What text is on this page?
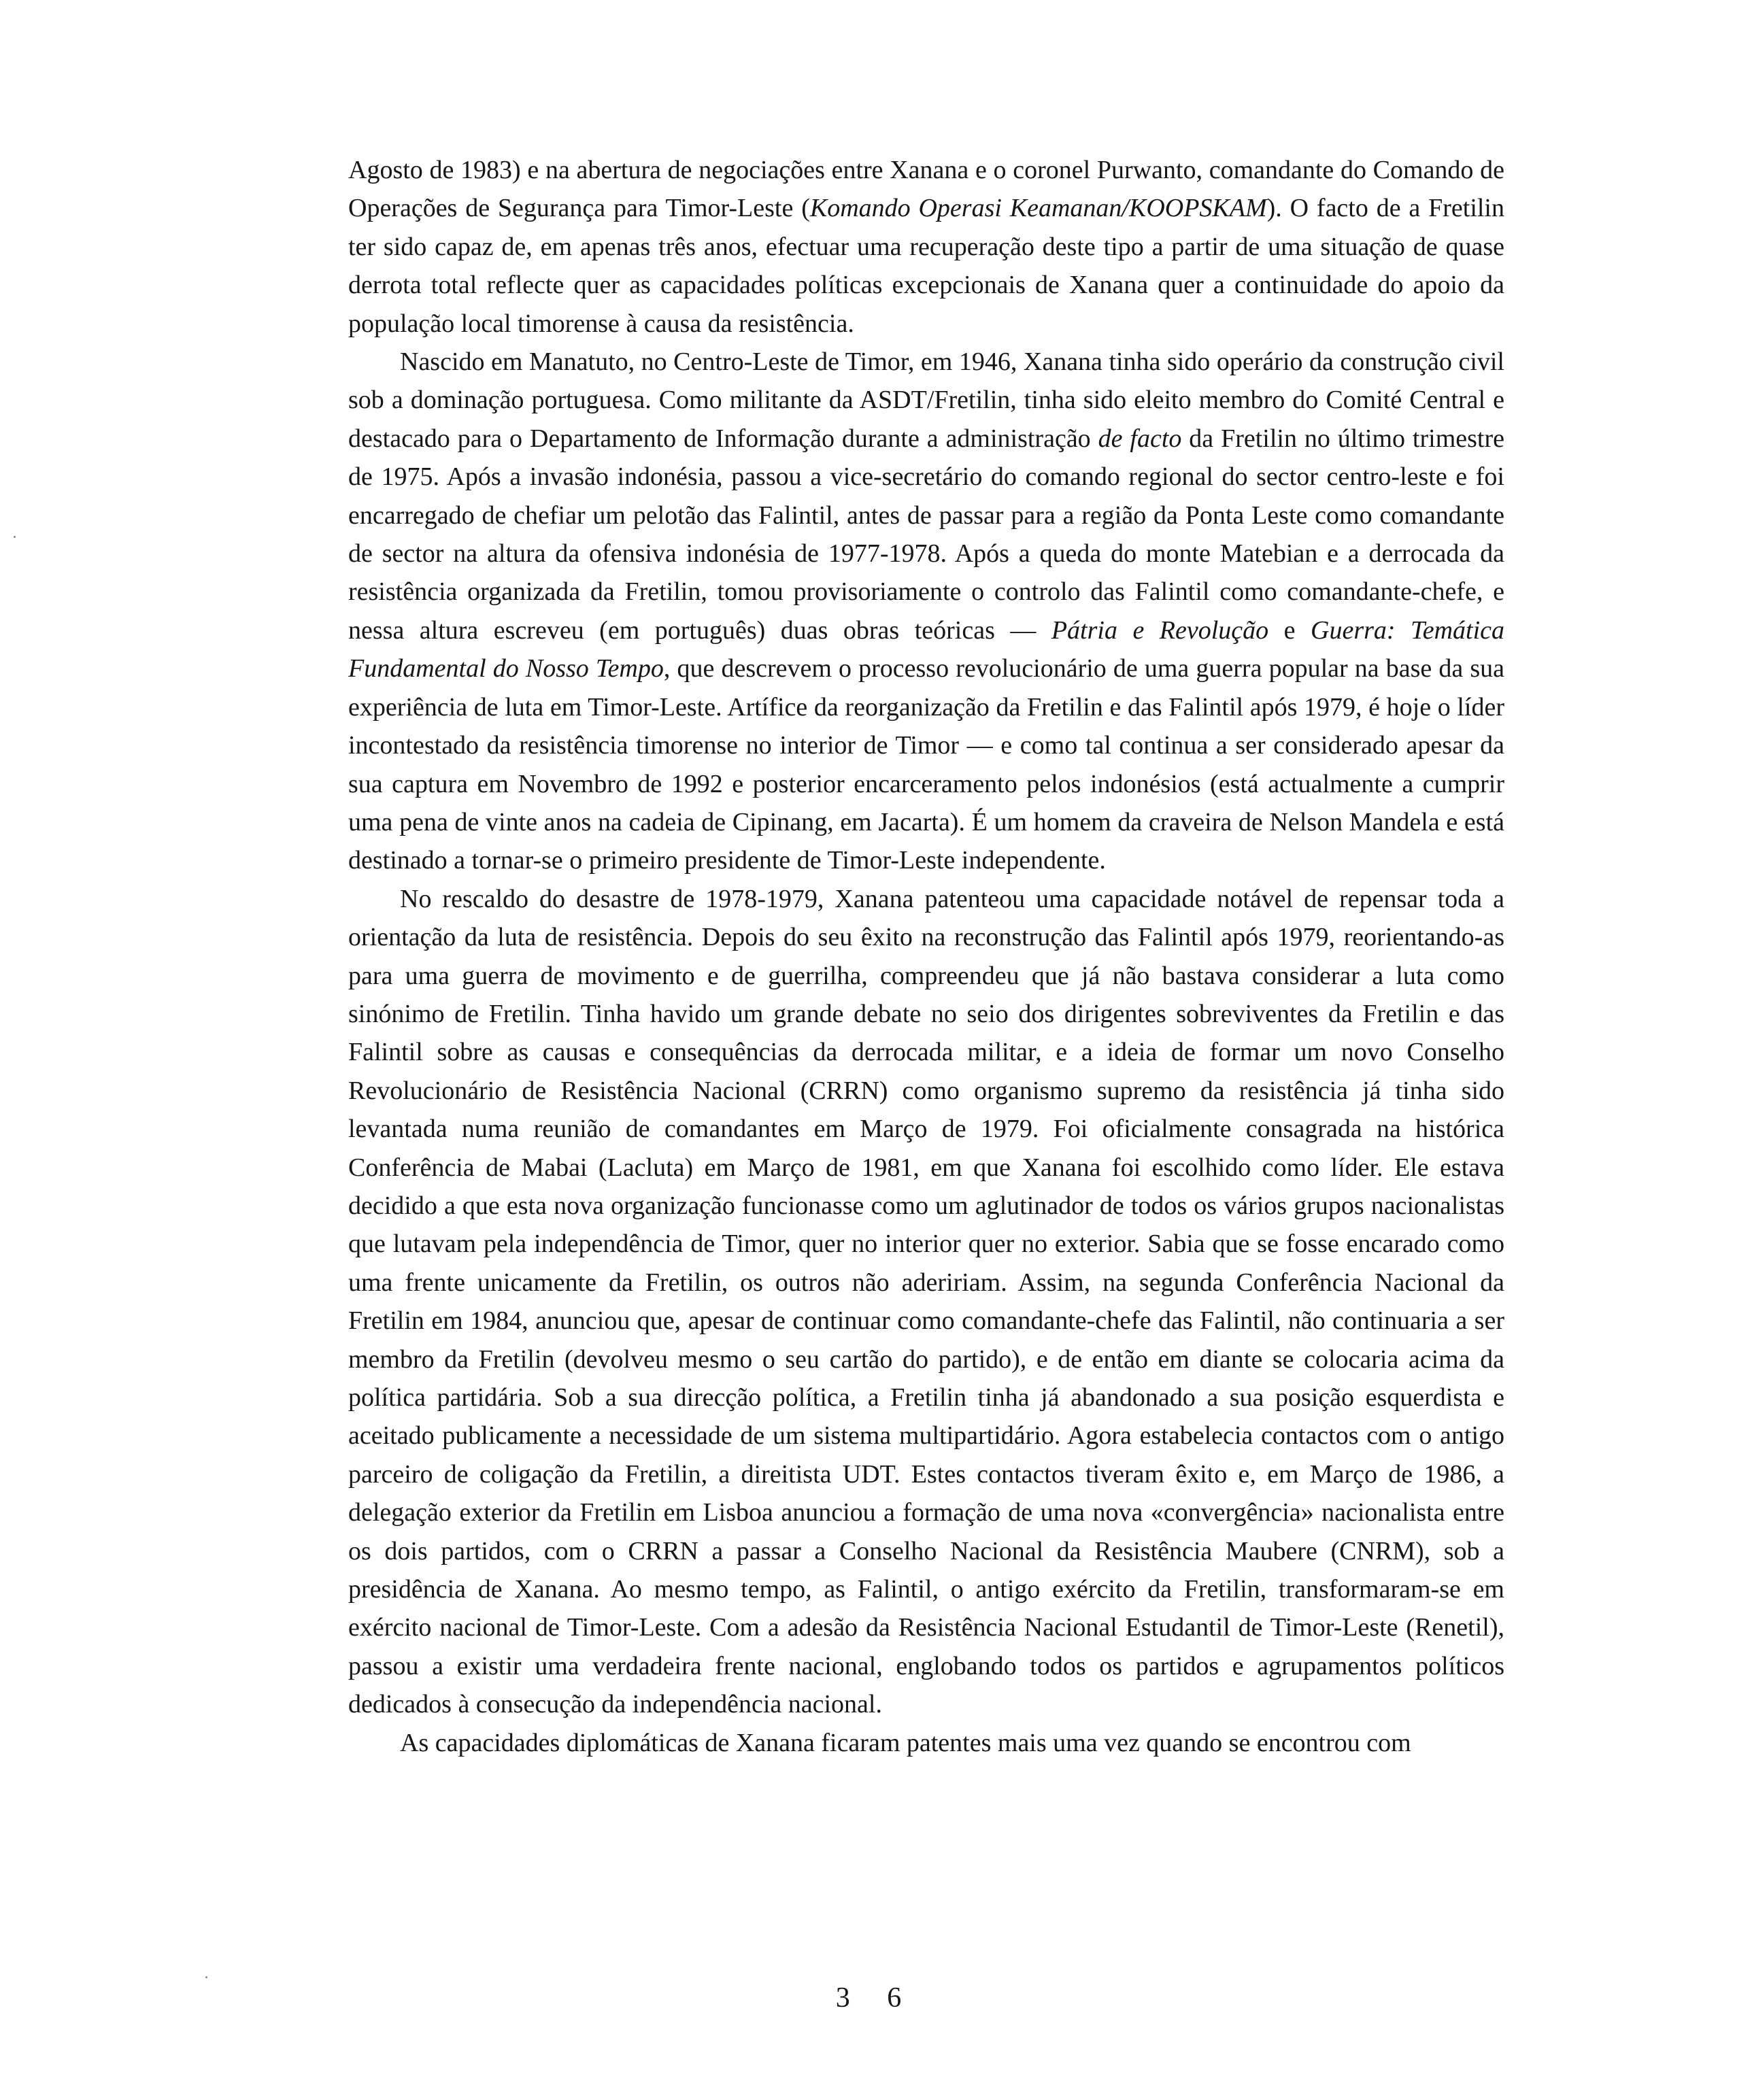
Agosto de 1983) e na abertura de negociações entre Xanana e o coronel Purwanto, comandante do Comando de Operações de Segurança para Timor-Leste (Komando Operasi Keamanan/KOOPSKAM). O facto de a Fretilin ter sido capaz de, em apenas três anos, efectuar uma recuperação deste tipo a partir de uma situação de quase derrota total reflecte quer as capacidades políticas excepcionais de Xanana quer a continuidade do apoio da população local timorense à causa da resistência.

Nascido em Manatuto, no Centro-Leste de Timor, em 1946, Xanana tinha sido operário da construção civil sob a dominação portuguesa. Como militante da ASDT/Fretilin, tinha sido eleito membro do Comité Central e destacado para o Departamento de Informação durante a administração de facto da Fretilin no último trimestre de 1975. Após a invasão indonésia, passou a vice-secretário do comando regional do sector centro-leste e foi encarregado de chefiar um pelotão das Falintil, antes de passar para a região da Ponta Leste como comandante de sector na altura da ofensiva indonésia de 1977-1978. Após a queda do monte Matebian e a derrocada da resistência organizada da Fretilin, tomou provisoriamente o controlo das Falintil como comandante-chefe, e nessa altura escreveu (em português) duas obras teóricas — Pátria e Revolução e Guerra: Temática Fundamental do Nosso Tempo, que descrevem o processo revolucionário de uma guerra popular na base da sua experiência de luta em Timor-Leste. Artífice da reorganização da Fretilin e das Falintil após 1979, é hoje o líder incontestado da resistência timorense no interior de Timor — e como tal continua a ser considerado apesar da sua captura em Novembro de 1992 e posterior encarceramento pelos indonésios (está actualmente a cumprir uma pena de vinte anos na cadeia de Cipinang, em Jacarta). É um homem da craveira de Nelson Mandela e está destinado a tornar-se o primeiro presidente de Timor-Leste independente.

No rescaldo do desastre de 1978-1979, Xanana patenteou uma capacidade notável de repensar toda a orientação da luta de resistência. Depois do seu êxito na reconstrução das Falintil após 1979, reorientando-as para uma guerra de movimento e de guerrilha, compreendeu que já não bastava considerar a luta como sinónimo de Fretilin. Tinha havido um grande debate no seio dos dirigentes sobreviventes da Fretilin e das Falintil sobre as causas e consequências da derrocada militar, e a ideia de formar um novo Conselho Revolucionário de Resistência Nacional (CRRN) como organismo supremo da resistência já tinha sido levantada numa reunião de comandantes em Março de 1979. Foi oficialmente consagrada na histórica Conferência de Mabai (Lacluta) em Março de 1981, em que Xanana foi escolhido como líder. Ele estava decidido a que esta nova organização funcionasse como um aglutinador de todos os vários grupos nacionalistas que lutavam pela independência de Timor, quer no interior quer no exterior. Sabia que se fosse encarado como uma frente unicamente da Fretilin, os outros não adeririam. Assim, na segunda Conferência Nacional da Fretilin em 1984, anunciou que, apesar de continuar como comandante-chefe das Falintil, não continuaria a ser membro da Fretilin (devolveu mesmo o seu cartão do partido), e de então em diante se colocaria acima da política partidária. Sob a sua direcção política, a Fretilin tinha já abandonado a sua posição esquerdista e aceitado publicamente a necessidade de um sistema multipartidário. Agora estabelecia contactos com o antigo parceiro de coligação da Fretilin, a direitista UDT. Estes contactos tiveram êxito e, em Março de 1986, a delegação exterior da Fretilin em Lisboa anunciou a formação de uma nova «convergência» nacionalista entre os dois partidos, com o CRRN a passar a Conselho Nacional da Resistência Maubere (CNRM), sob a presidência de Xanana. Ao mesmo tempo, as Falintil, o antigo exército da Fretilin, transformaram-se em exército nacional de Timor-Leste. Com a adesão da Resistência Nacional Estudantil de Timor-Leste (Renetil), passou a existir uma verdadeira frente nacional, englobando todos os partidos e agrupamentos políticos dedicados à consecução da independência nacional.

As capacidades diplomáticas de Xanana ficaram patentes mais uma vez quando se encontrou com

3 6
